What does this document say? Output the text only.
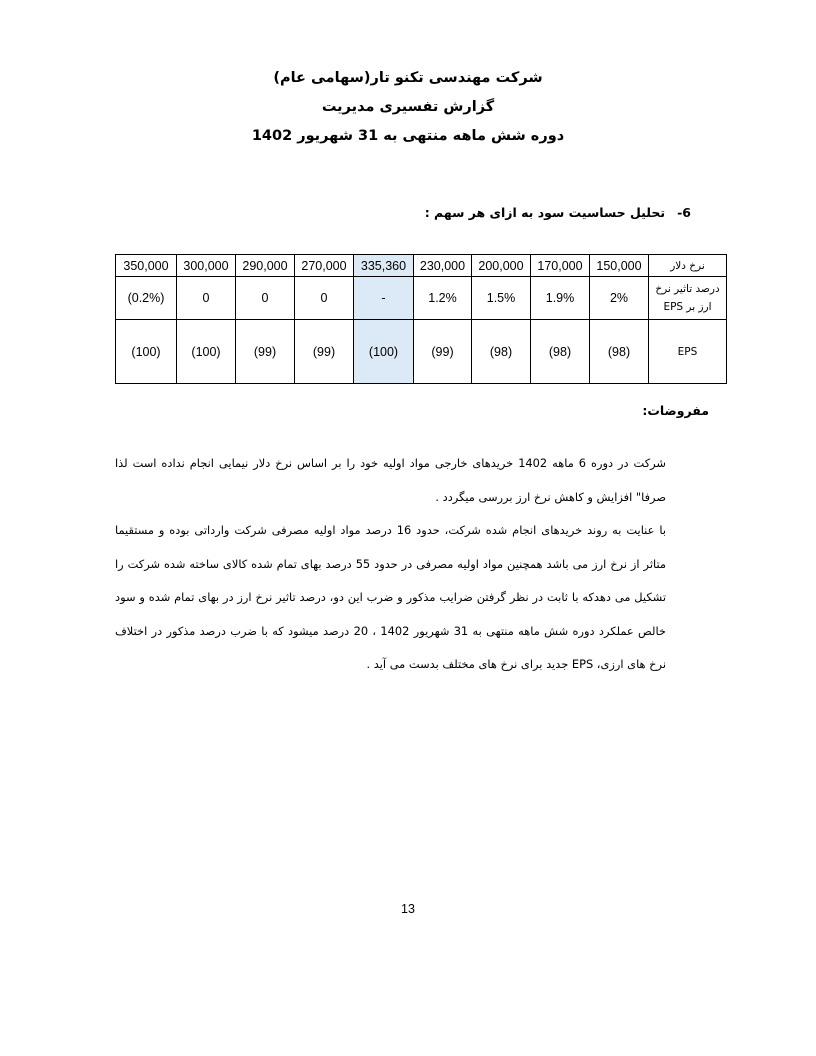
شرکت مهندسی تکنو تار(سهامی عام)
گزارش تفسیری مدیریت
دوره شش ماهه منتهی به 31 شهریور 1402
6-تحلیل حساسیت سود به ازای هر سهم :
نرخ دلار	150,000	170,000	200,000	230,000	335,360	270,000	290,000	300,000	350,000
درصد تاثیر نرخ ارز بر EPS	2%	1.9%	1.5%	1.2%	-	0	0	0	(0.2%)
EPS	(98)	(98)	(98)	(99)	(100)	(99)	(99)	(100)	(100)
مفروضات:

شرکت در دوره 6 ماهه 1402 خریدهای خارجی مواد اولیه خود را بر اساس نرخ دلار نیمایی انجام نداده است لذا صرفا" افزایش و کاهش نرخ ارز بررسی میگردد .

با عنایت به روند خریدهای انجام شده شرکت، حدود 16 درصد مواد اولیه مصرفی شرکت وارداتی بوده و مستقیما متاثر از نرخ ارز می باشد همچنین مواد اولیه مصرفی در حدود 55 درصد بهای تمام شده کالای ساخته شده شرکت را تشکیل می دهدکه با ثابت در نظر گرفتن ضرایب مذکور و ضرب این دو، درصد تاثیر نرخ ارز در بهای تمام شده و سود خالص عملکرد دوره شش ماهه منتهی به 31 شهریور 1402 ، 20 درصد میشود که با ضرب درصد مذکور در اختلاف نرخ های ارزی، EPS جدید برای نرخ های مختلف بدست می آید .

13
